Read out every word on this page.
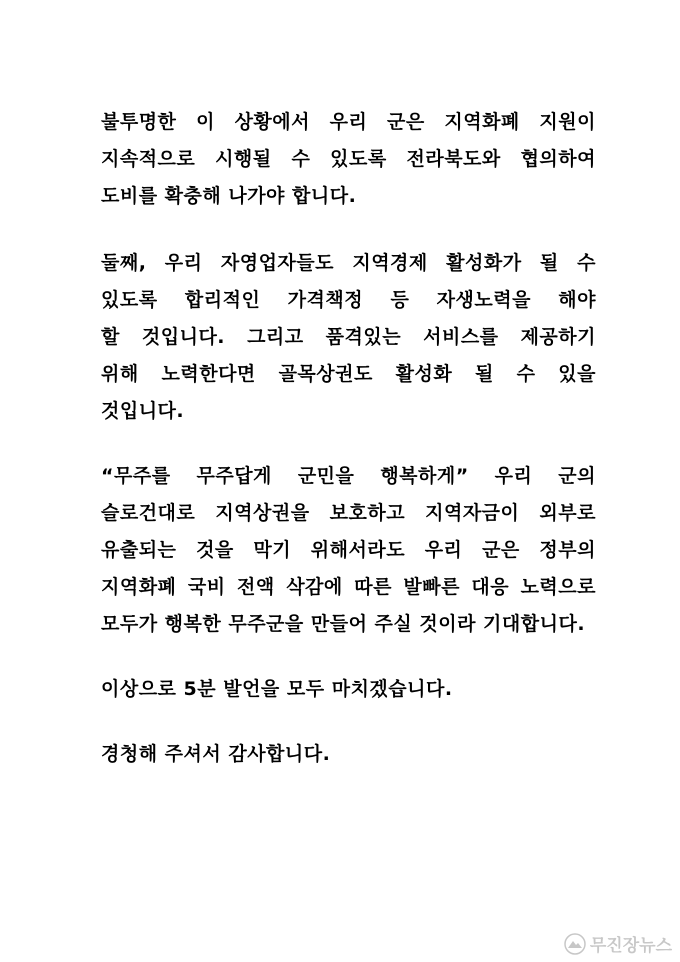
불투명한 이 상황에서 우리 군은 지역화폐 지원이
지속적으로 시행될 수 있도록 전라북도와 협의하여
도비를 확충해 나가야 합니다.
둘째, 우리 자영업자들도 지역경제 활성화가 될 수
있도록 합리적인 가격책정 등 자생노력을 해야
할 것입니다. 그리고 품격있는 서비스를 제공하기
위해 노력한다면 골목상권도 활성화 될 수 있을
것입니다.
“무주를 무주답게 군민을 행복하게” 우리 군의
슬로건대로 지역상권을 보호하고 지역자금이 외부로
유출되는 것을 막기 위해서라도 우리 군은 정부의
지역화폐 국비 전액 삭감에 따른 발빠른 대응 노력으로
모두가 행복한 무주군을 만들어 주실 것이라 기대합니다.
이상으로 5분 발언을 모두 마치겠습니다.
경청해 주셔서 감사합니다.
무진장뉴스
